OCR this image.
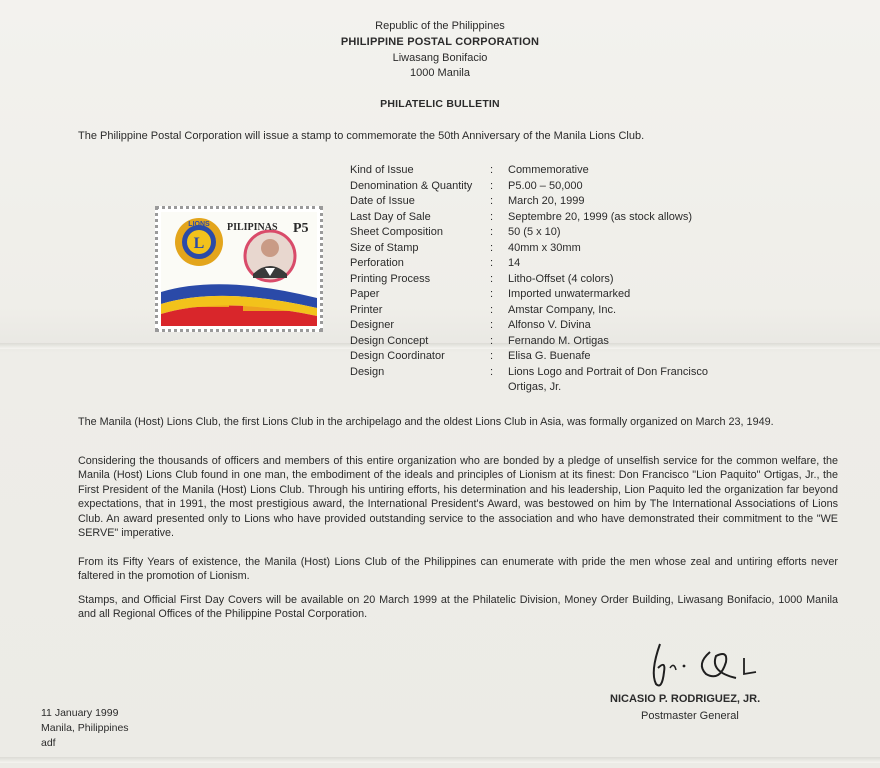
Republic of the Philippines
PHILIPPINE POSTAL CORPORATION
Liwasang Bonifacio
1000 Manila
PHILATELIC BULLETIN
The Philippine Postal Corporation will issue a stamp to commemorate the 50th Anniversary of the Manila Lions Club.
L
LIONS PILIPINAS P5
Kind of Issue	:	Commemorative
Denomination & Quantity	:	P5.00 – 50,000
Date of Issue	:	March 20, 1999
Last Day of Sale	:	Septembre 20, 1999 (as stock allows)
Sheet Composition	:	50 (5 x 10)
Size of Stamp	:	40mm x 30mm
Perforation	:	14
Printing Process	:	Litho-Offset (4 colors)
Paper	:	Imported unwatermarked
Printer	:	Amstar Company, Inc.
Designer	:	Alfonso V. Divina
Design Concept	:	Fernando M. Ortigas
Design Coordinator	:	Elisa G. Buenafe
Design	:	Lions Logo and Portrait of Don Francisco Ortigas, Jr.
The Manila (Host) Lions Club, the first Lions Club in the archipelago and the oldest Lions Club in Asia, was formally organized on March 23, 1949.
Considering the thousands of officers and members of this entire organization who are bonded by a pledge of unselfish service for the common welfare, the Manila (Host) Lions Club found in one man, the embodiment of the ideals and principles of Lionism at its finest: Don Francisco "Lion Paquito" Ortigas, Jr., the First President of the Manila (Host) Lions Club. Through his untiring efforts, his determination and his leadership, Lion Paquito led the organization far beyond expectations, that in 1991, the most prestigious award, the International President's Award, was bestowed on him by The International Associations of Lions Club. An award presented only to Lions who have provided outstanding service to the association and who have demonstrated their commitment to the "WE SERVE" imperative.
From its Fifty Years of existence, the Manila (Host) Lions Club of the Philippines can enumerate with pride the men whose zeal and untiring efforts never faltered in the promotion of Lionism.
Stamps, and Official First Day Covers will be available on 20 March 1999 at the Philatelic Division, Money Order Building, Liwasang Bonifacio, 1000 Manila and all Regional Offices of the Philippine Postal Corporation.
NICASIO P. RODRIGUEZ, JR.
Postmaster General
11 January 1999
Manila, Philippines
adf
